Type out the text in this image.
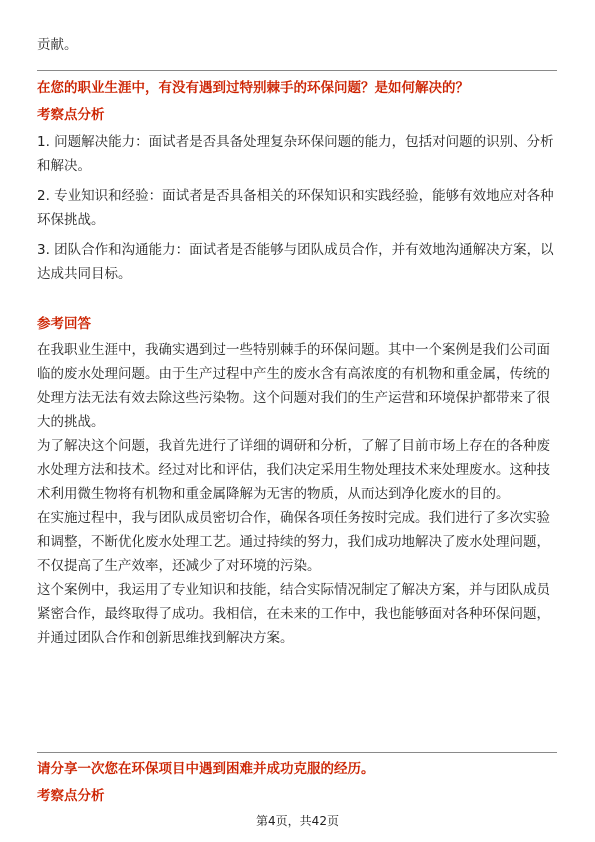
贡献。

在您的职业生涯中，有没有遇到过特别棘手的环保问题？是如何解决的？

考察点分析

1. 问题解决能力：面试者是否具备处理复杂环保问题的能力，包括对问题的识别、分析和解决。

2. 专业知识和经验：面试者是否具备相关的环保知识和实践经验，能够有效地应对各种环保挑战。

3. 团队合作和沟通能力：面试者是否能够与团队成员合作，并有效地沟通解决方案，以达成共同目标。

参考回答

在我职业生涯中，我确实遇到过一些特别棘手的环保问题。其中一个案例是我们公司面临的废水处理问题。由于生产过程中产生的废水含有高浓度的有机物和重金属，传统的处理方法无法有效去除这些污染物。这个问题对我们的生产运营和环境保护都带来了很大的挑战。

为了解决这个问题，我首先进行了详细的调研和分析，了解了目前市场上存在的各种废水处理方法和技术。经过对比和评估，我们决定采用生物处理技术来处理废水。这种技术利用微生物将有机物和重金属降解为无害的物质，从而达到净化废水的目的。

在实施过程中，我与团队成员密切合作，确保各项任务按时完成。我们进行了多次实验和调整，不断优化废水处理工艺。通过持续的努力，我们成功地解决了废水处理问题，不仅提高了生产效率，还减少了对环境的污染。

这个案例中，我运用了专业知识和技能，结合实际情况制定了解决方案，并与团队成员紧密合作，最终取得了成功。我相信，在未来的工作中，我也能够面对各种环保问题，并通过团队合作和创新思维找到解决方案。

请分享一次您在环保项目中遇到困难并成功克服的经历。

考察点分析

第4页，共42页
